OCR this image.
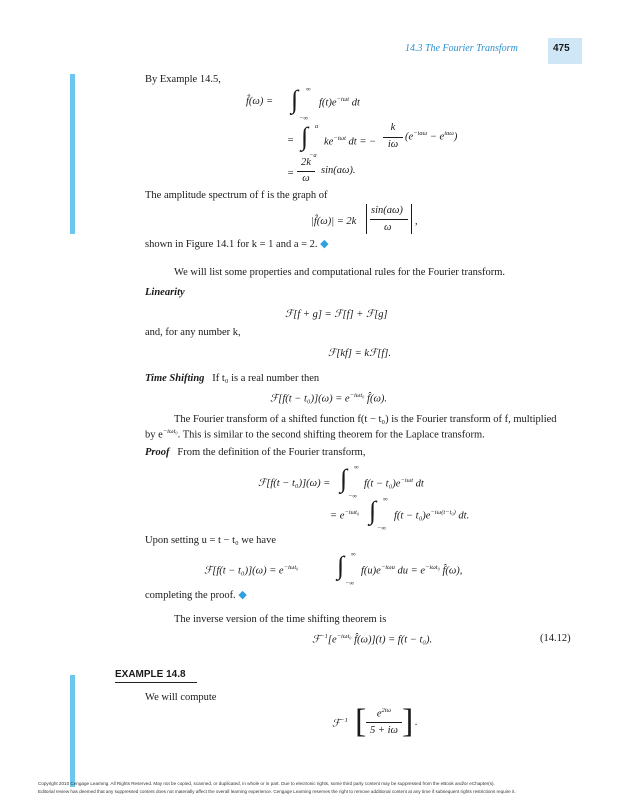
14.3 The Fourier Transform	475
By Example 14.5,
f̂(ω) = ∫ ∞
−∞
$f(t)e^{-i\omega t}$ dt
= ∫ a
−a
$ke^{-i\omega t}$ dt = −
k
iω
$(e^{-ia\omega} - e^{ia\omega})$
=
2k
ω
sin(aω).
The amplitude spectrum of f is the graph of
|f̂(ω)| = 2k
sin(aω)
ω
,
shown in Figure 14.1 for k = 1 and a = 2. ◆
We will list some properties and computational rules for the Fourier transform.
Linearity
ℱ[f + g] = ℱ[f] + ℱ[g]
and, for any number k,
ℱ[kf] = kℱ[f].
Time Shifting If t₀ is a real number then
ℱ[f(t − $t_0)](\omega) = e^{-i\omega t_0}$ f̂(ω).
The Fourier transform of a shifted function f(t − t₀) is the Fourier transform of f, multiplied
by $e^{-i\omega t_0}$. This is similar to the second shifting theorem for the Laplace transform.
Proof From the definition of the Fourier transform,
ℱ[f(t − t₀)](ω) = ∫ ∞
−∞
$f(t - t_0)e^{-i\omega t}$ dt
= $e^{-i\omega t_0}$ ∫ ∞
−∞
$f(t - t_0)e^{-i\omega(t-t_0)}$ dt.
Upon setting u = t − t₀ we have
ℱ[f(t − $t_0)](\omega) = e^{-i\omega t_0}$ ∫ ∞
−∞
$f(u)e^{-i\omega u}$ du = $e^{-i\omega t_0}$ f̂(ω),
completing the proof. ◆
The inverse version of the time shifting theorem is
$ℱ^{-1}[e^{-i\omega t_0}$ f̂(ω)](t) = f(t − t₀).	(14.12)
EXAMPLE 14.8
We will compute
ℱ$^{-1}$ [	$e^{2i\omega}$
5 + iω ] .
Copyright 2010 Cengage Learning. All Rights Reserved. May not be copied, scanned, or duplicated, in whole or in part. Due to electronic rights, some third party content may be suppressed from the eBook and/or eChapter(s).
Editorial review has deemed that any suppressed content does not materially affect the overall learning experience. Cengage Learning reserves the right to remove additional content at any time if subsequent rights restrictions require it.
